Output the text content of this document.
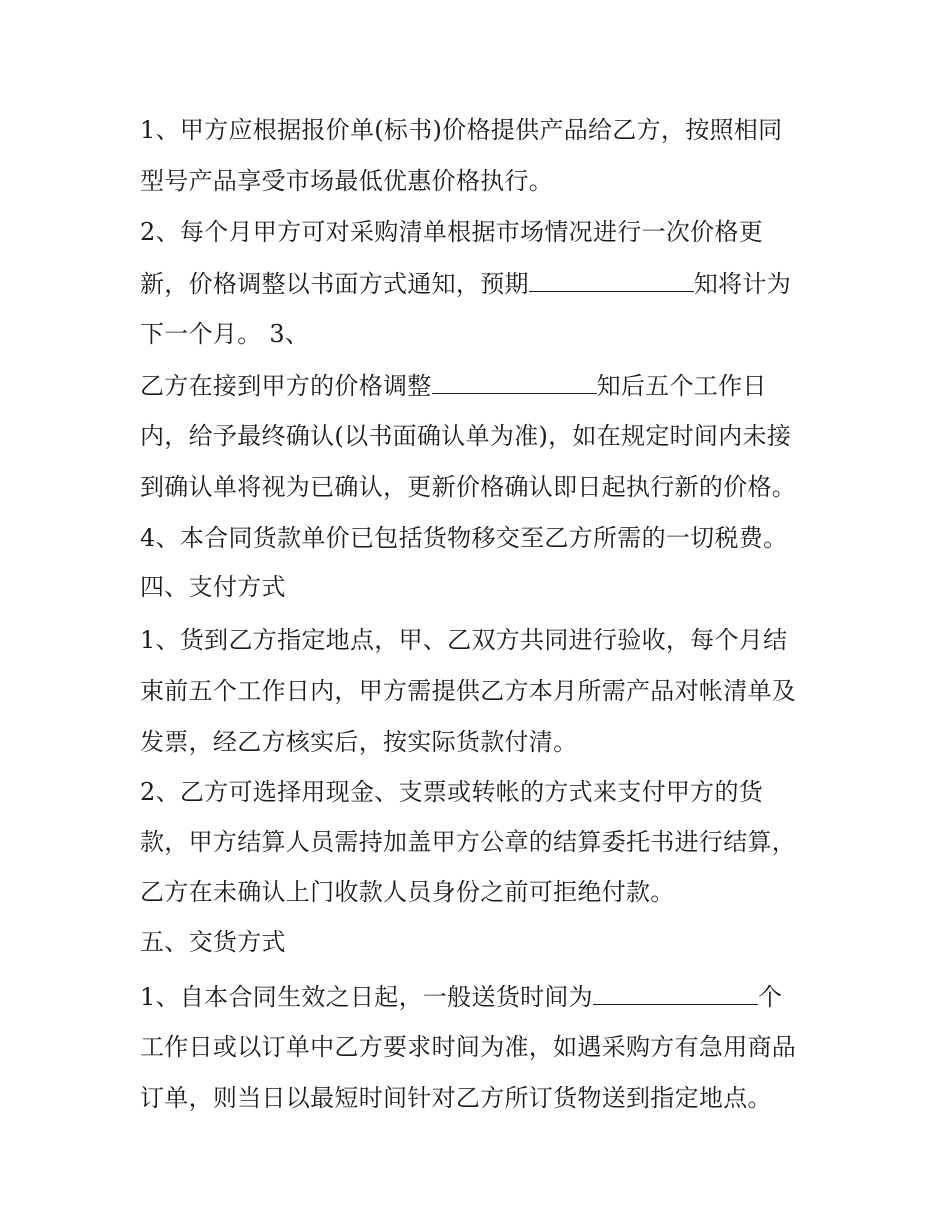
1、甲方应根据报价单(标书)价格提供产品给乙方，按照相同
型号产品享受市场最低优惠价格执行。
2、每个月甲方可对采购清单根据市场情况进行一次价格更
新，价格调整以书面方式通知，预期	知将计为
下一个月。 3、
乙方在接到甲方的价格调整	知后五个工作日
内，给予最终确认(以书面确认单为准)，如在规定时间内未接
到确认单将视为已确认，更新价格确认即日起执行新的价格。
4、本合同货款单价已包括货物移交至乙方所需的一切税费。
四、支付方式
1、货到乙方指定地点，甲、乙双方共同进行验收，每个月结
束前五个工作日内，甲方需提供乙方本月所需产品对帐清单及
发票，经乙方核实后，按实际货款付清。
2、乙方可选择用现金、支票或转帐的方式来支付甲方的货
款，甲方结算人员需持加盖甲方公章的结算委托书进行结算，
乙方在未确认上门收款人员身份之前可拒绝付款。
五、交货方式
1、自本合同生效之日起，一般送货时间为	个
工作日或以订单中乙方要求时间为准，如遇采购方有急用商品
订单，则当日以最短时间针对乙方所订货物送到指定地点。
